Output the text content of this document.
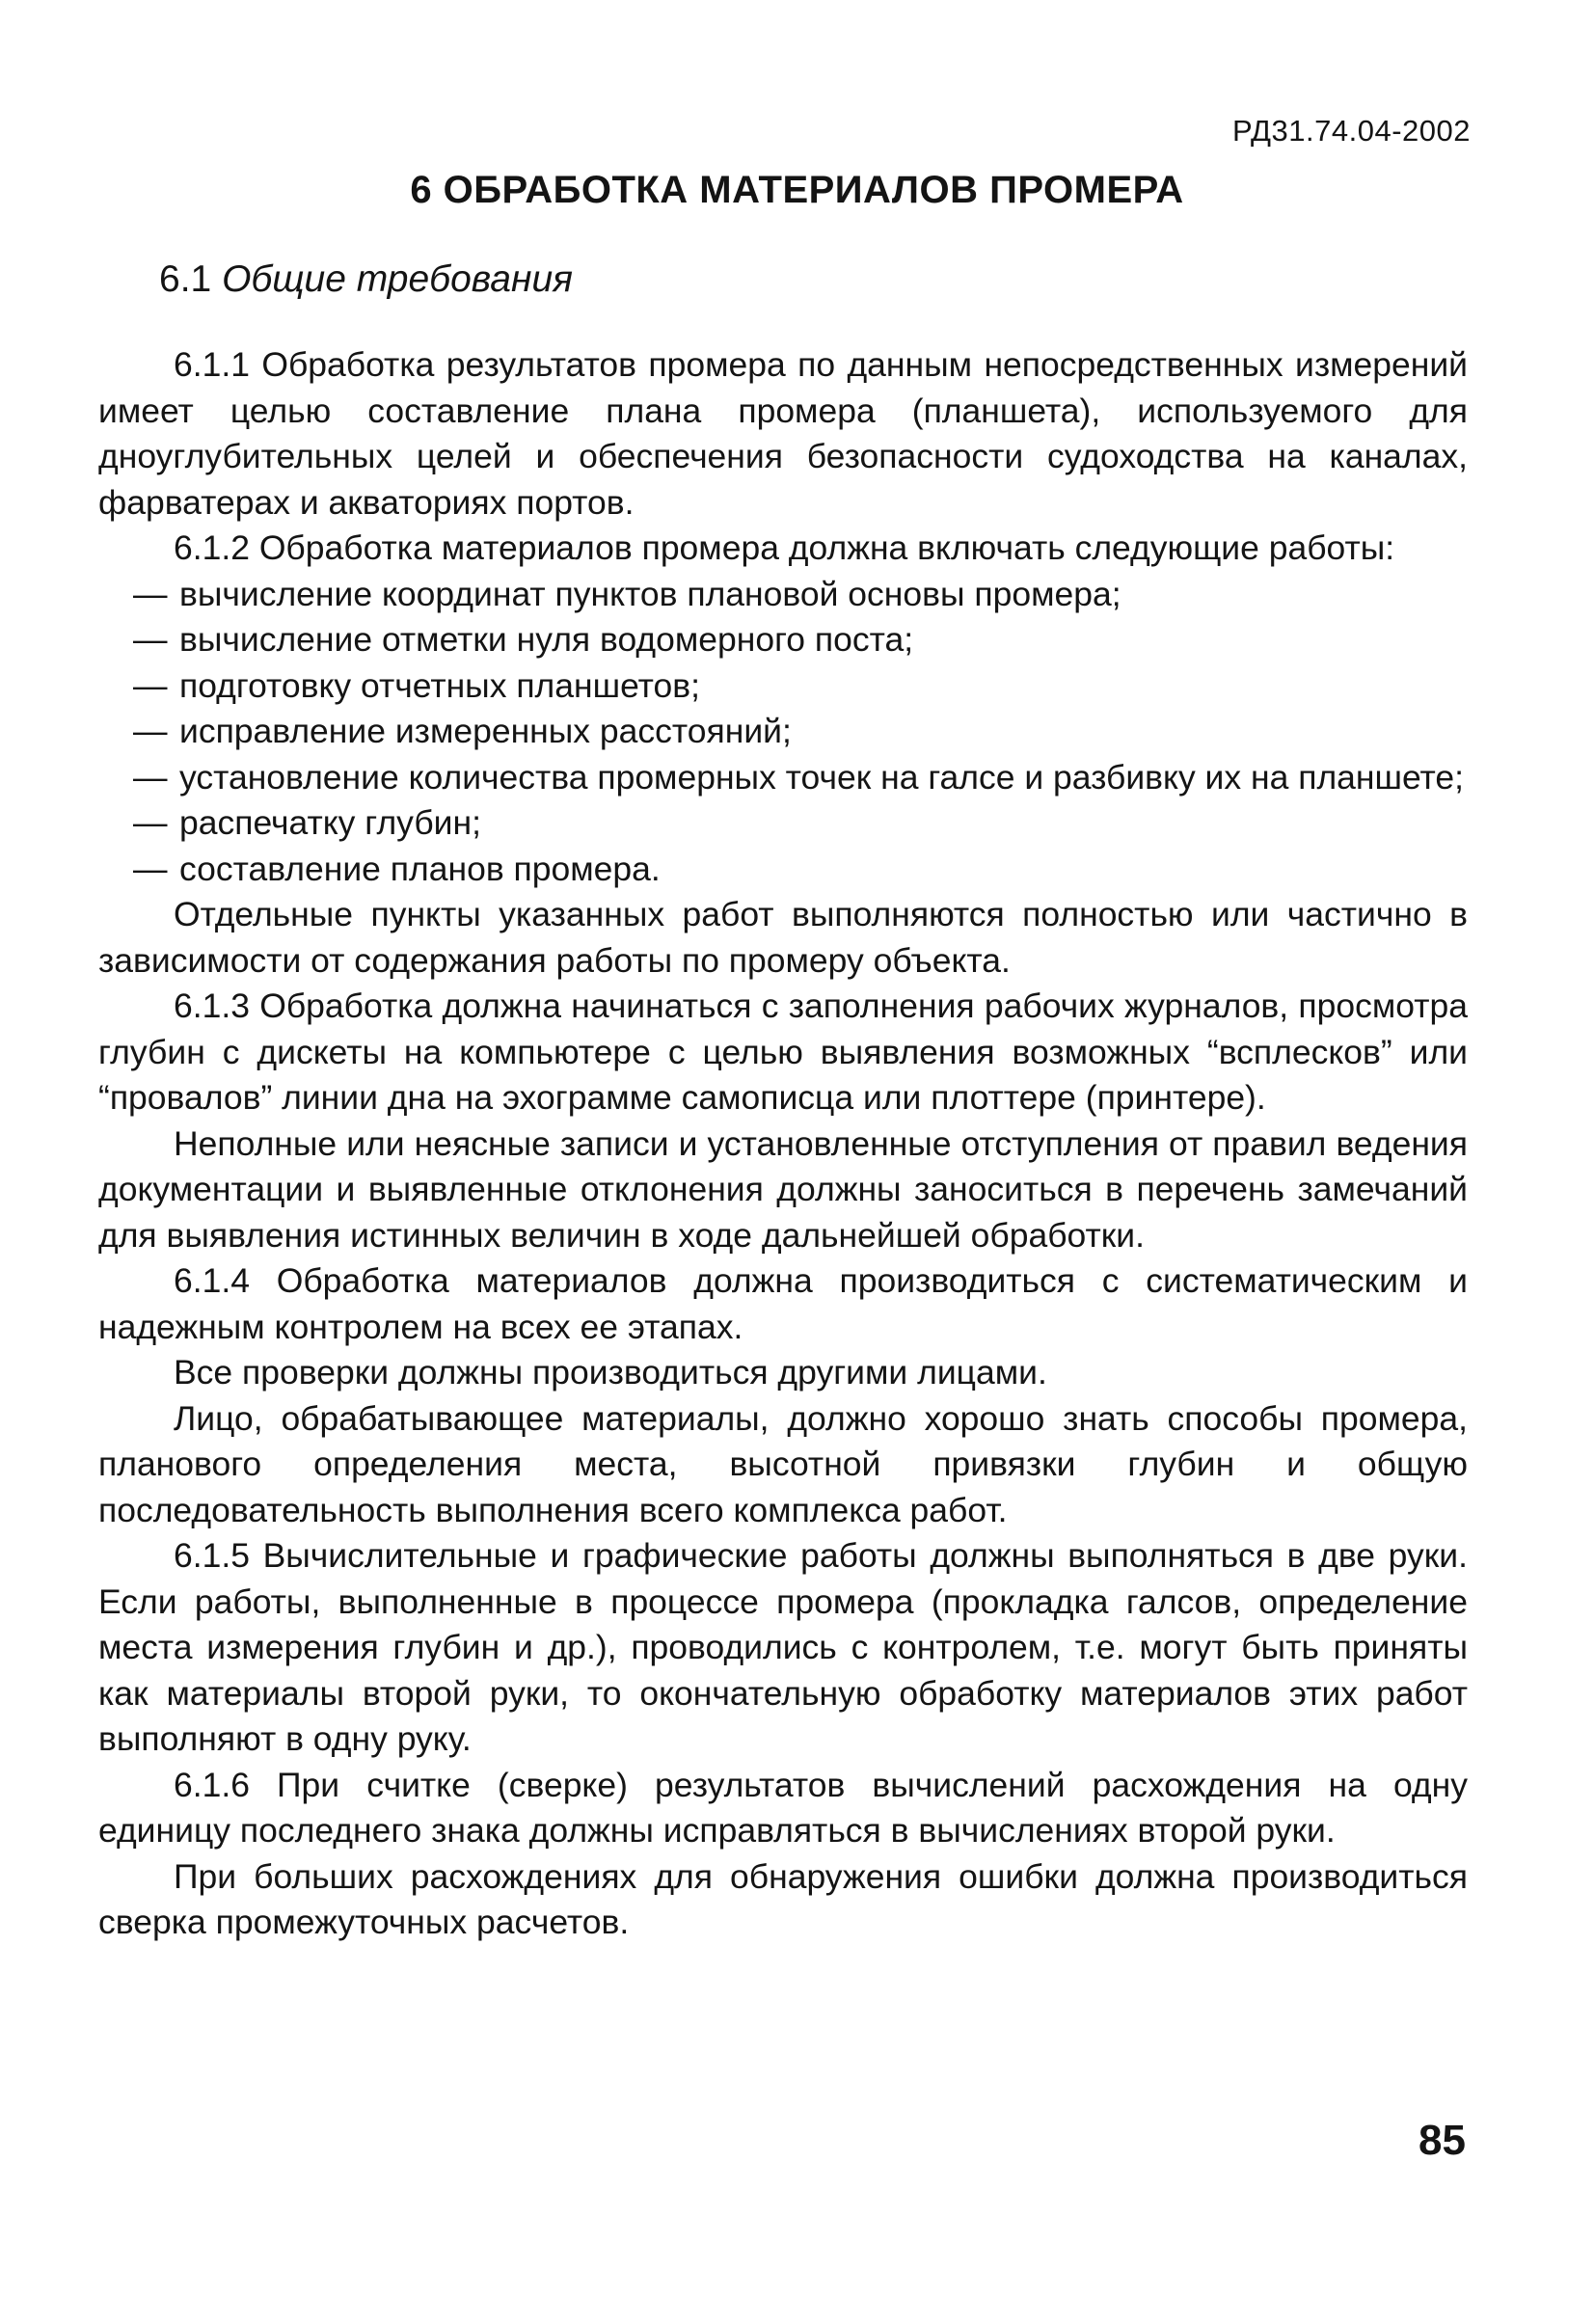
РД31.74.04-2002
6 ОБРАБОТКА МАТЕРИАЛОВ ПРОМЕРА
6.1 Общие требования

6.1.1 Обработка результатов промера по данным непосредственных измерений имеет целью составление плана промера (планшета), используемого для дноуглубительных целей и обеспечения безопасности судоходства на каналах, фарватерах и акваториях портов.

6.1.2 Обработка материалов промера должна включать следующие работы:

— вычисление координат пунктов плановой основы промера;
— вычисление отметки нуля водомерного поста;
— подготовку отчетных планшетов;
— исправление измеренных расстояний;
— установление количества промерных точек на галсе и разбивку их на планшете;
— распечатку глубин;
— составление планов промера.

Отдельные пункты указанных работ выполняются полностью или частично в зависимости от содержания работы по промеру объекта.

6.1.3 Обработка должна начинаться с заполнения рабочих журналов, просмотра глубин с дискеты на компьютере с целью выявления возможных “всплесков” или “провалов” линии дна на эхограмме самописца или плоттере (принтере).

Неполные или неясные записи и установленные отступления от правил ведения документации и выявленные отклонения должны заноситься в перечень замечаний для выявления истинных величин в ходе дальнейшей обработки.

6.1.4 Обработка материалов должна производиться с систематическим и надежным контролем на всех ее этапах.

Все проверки должны производиться другими лицами.

Лицо, обрабатывающее материалы, должно хорошо знать способы промера, планового определения места, высотной привязки глубин и общую последовательность выполнения всего комплекса работ.

6.1.5 Вычислительные и графические работы должны выполняться в две руки. Если работы, выполненные в процессе промера (прокладка галсов, определение места измерения глубин и др.), проводились с контролем, т.е. могут быть приняты как материалы второй руки, то окончательную обработку материалов этих работ выполняют в одну руку.

6.1.6 При считке (сверке) результатов вычислений расхождения на одну единицу последнего знака должны исправляться в вычислениях второй руки.

При больших расхождениях для обнаружения ошибки должна производиться сверка промежуточных расчетов.

85
